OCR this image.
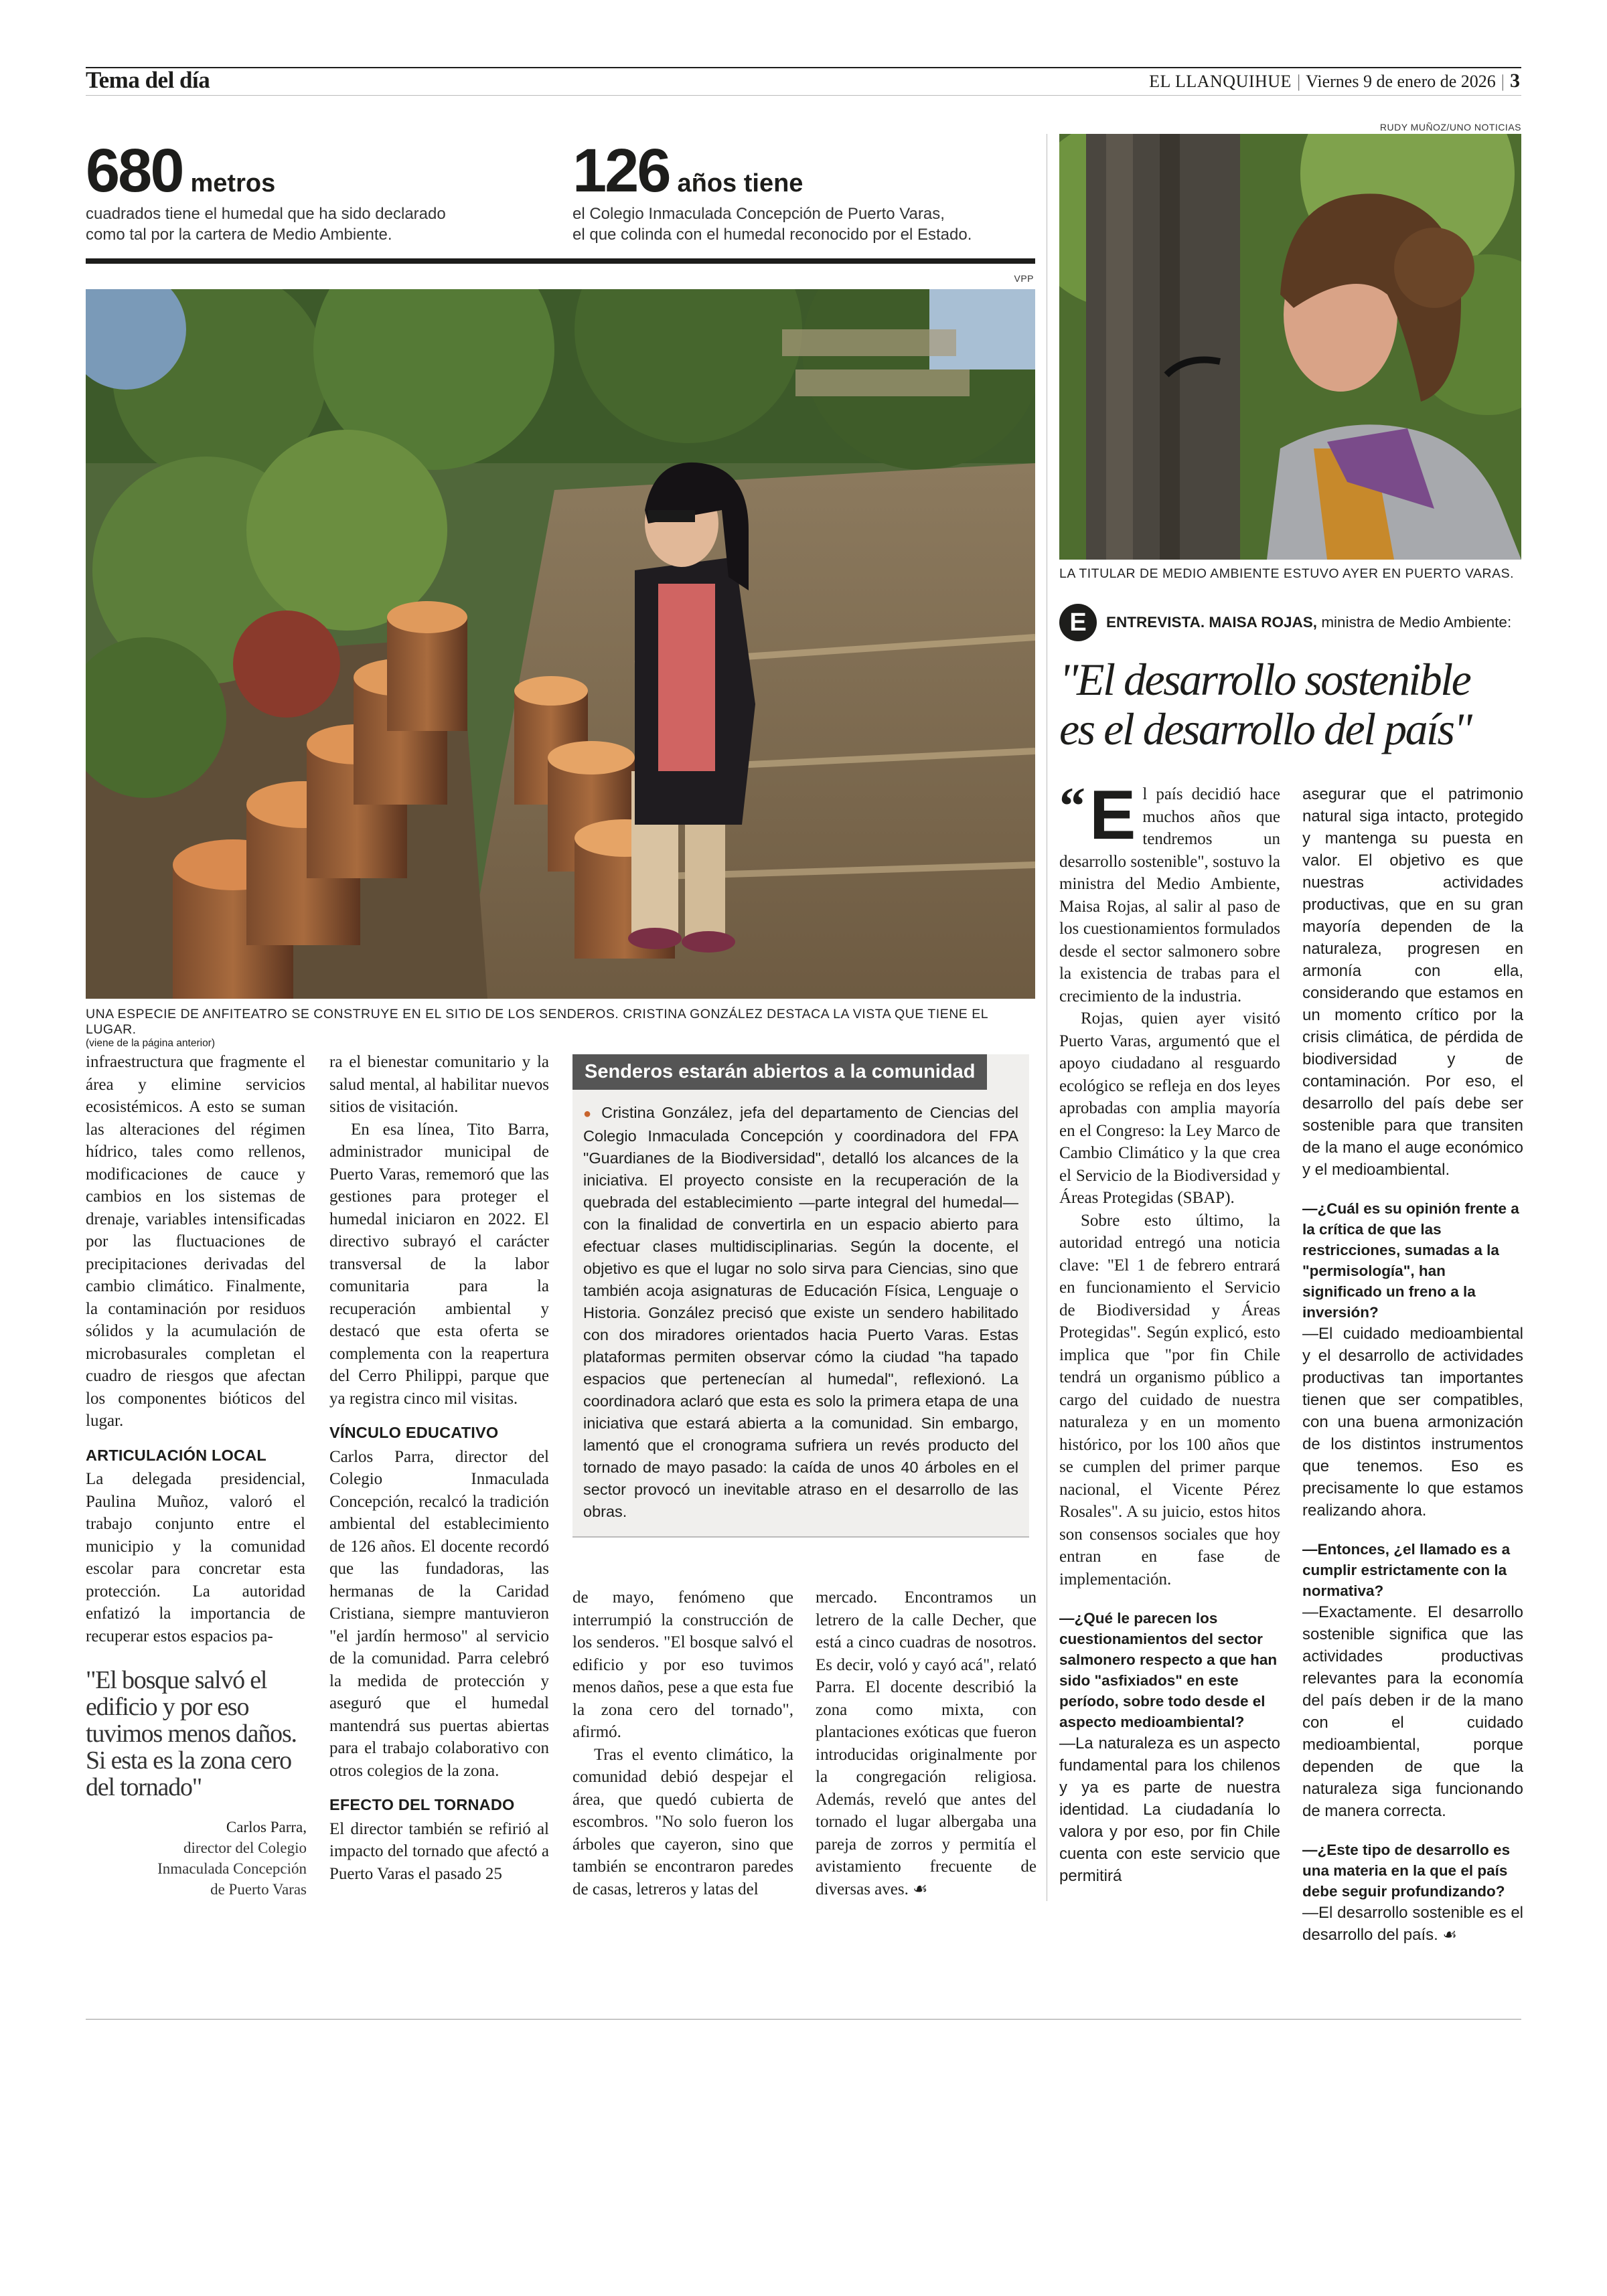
Tema del día	EL LLANQUIHUE | Viernes 9 de enero de 2026 | 3
680 metros
cuadrados tiene el humedal que ha sido declarado
como tal por la cartera de Medio Ambiente.
126 años tiene
el Colegio Inmaculada Concepción de Puerto Varas,
el que colinda con el humedal reconocido por el Estado.
VPP
UNA ESPECIE DE ANFITEATRO SE CONSTRUYE EN EL SITIO DE LOS SENDEROS. CRISTINA GONZÁLEZ DESTACA LA VISTA QUE TIENE EL LUGAR.
RUDY MUÑOZ/UNO NOTICIAS
LA TITULAR DE MEDIO AMBIENTE ESTUVO AYER EN PUERTO VARAS.
E	ENTREVISTA. MAISA ROJAS, ministra de Medio Ambiente:
"El desarrollo sostenible
es el desarrollo del país"

(viene de la página anterior)

infraestructura que fragmente el área y elimine servicios ecosistémicos. A esto se suman las alteraciones del régimen hídrico, tales como rellenos, modificaciones de cauce y cambios en los sistemas de drenaje, variables intensificadas por las fluctuaciones de precipitaciones derivadas del cambio climático. Finalmente, la contaminación por residuos sólidos y la acumulación de microbasurales completan el cuadro de riesgos que afectan los componentes bióticos del lugar.

ARTICULACIÓN LOCAL

La delegada presidencial, Paulina Muñoz, valoró el trabajo conjunto entre el municipio y la comunidad escolar para concretar esta protección. La autoridad enfatizó la importancia de recuperar estos espacios pa-

"El bosque salvó el edificio y por eso tuvimos menos daños. Si esta es la zona cero del tornado"
Carlos Parra,
director del Colegio
Inmaculada Concepción
de Puerto Varas

ra el bienestar comunitario y la salud mental, al habilitar nuevos sitios de visitación.

En esa línea, Tito Barra, administrador municipal de Puerto Varas, rememoró que las gestiones para proteger el humedal iniciaron en 2022. El directivo subrayó el carácter transversal de la labor comunitaria para la recuperación ambiental y destacó que esta oferta se complementa con la reapertura del Cerro Philippi, parque que ya registra cinco mil visitas.

VÍNCULO EDUCATIVO

Carlos Parra, director del Colegio Inmaculada Concepción, recalcó la tradición ambiental del establecimiento de 126 años. El docente recordó que las fundadoras, las hermanas de la Caridad Cristiana, siempre mantuvieron "el jardín hermoso" al servicio de la comunidad. Parra celebró la medida de protección y aseguró que el humedal mantendrá sus puertas abiertas para el trabajo colaborativo con otros colegios de la zona.

EFECTO DEL TORNADO

El director también se refirió al impacto del tornado que afectó a Puerto Varas el pasado 25

Senderos estarán abiertos a la comunidad
● Cristina González, jefa del departamento de Ciencias del Colegio Inmaculada Concepción y coordinadora del FPA "Guardianes de la Biodiversidad", detalló los alcances de la iniciativa. El proyecto consiste en la recuperación de la quebrada del establecimiento —parte integral del humedal— con la finalidad de convertirla en un espacio abierto para efectuar clases multidisciplinarias. Según la docente, el objetivo es que el lugar no solo sirva para Ciencias, sino que también acoja asignaturas de Educación Física, Lenguaje o Historia. González precisó que existe un sendero habilitado con dos miradores orientados hacia Puerto Varas. Estas plataformas permiten observar cómo la ciudad "ha tapado espacios que pertenecían al humedal", reflexionó. La coordinadora aclaró que esta es solo la primera etapa de una iniciativa que estará abierta a la comunidad. Sin embargo, lamentó que el cronograma sufriera un revés producto del tornado de mayo pasado: la caída de unos 40 árboles en el sector provocó un inevitable atraso en el desarrollo de las obras.

de mayo, fenómeno que interrumpió la construcción de los senderos. "El bosque salvó el edificio y por eso tuvimos menos daños, pese a que esta fue la zona cero del tornado", afirmó.

Tras el evento climático, la comunidad debió despejar el área, que quedó cubierta de escombros. "No solo fueron los árboles que cayeron, sino que también se encontraron paredes de casas, letreros y latas del

mercado. Encontramos un letrero de la calle Decher, que está a cinco cuadras de nosotros. Es decir, voló y cayó acá", relató Parra. El docente describió la zona como mixta, con plantaciones exóticas que fueron introducidas originalmente por la congregación religiosa. Además, reveló que antes del tornado el lugar albergaba una pareja de zorros y permitía el avistamiento frecuente de diversas aves. ☙

“ E l país decidió hace muchos años que tendremos un desarrollo sostenible", sostuvo la ministra del Medio Ambiente, Maisa Rojas, al salir al paso de los cuestionamientos formulados desde el sector salmonero sobre la existencia de trabas para el crecimiento de la industria.

Rojas, quien ayer visitó Puerto Varas, argumentó que el apoyo ciudadano al resguardo ecológico se refleja en dos leyes aprobadas con amplia mayoría en el Congreso: la Ley Marco de Cambio Climático y la que crea el Servicio de la Biodiversidad y Áreas Protegidas (SBAP).

Sobre esto último, la autoridad entregó una noticia clave: "El 1 de febrero entrará en funcionamiento el Servicio de Biodiversidad y Áreas Protegidas". Según explicó, esto implica que "por fin Chile tendrá un organismo público a cargo del cuidado de nuestra naturaleza y en un momento histórico, por los 100 años que se cumplen del primer parque nacional, el Vicente Pérez Rosales". A su juicio, estos hitos son consensos sociales que hoy entran en fase de implementación.

—¿Qué le parecen los cuestionamientos del sector salmonero respecto a que han sido "asfixiados" en este período, sobre todo desde el aspecto medioambiental?

—La naturaleza es un aspecto fundamental para los chilenos y ya es parte de nuestra identidad. La ciudadanía lo valora y por eso, por fin Chile cuenta con este servicio que permitirá

asegurar que el patrimonio natural siga intacto, protegido y mantenga su puesta en valor. El objetivo es que nuestras actividades productivas, que en su gran mayoría dependen de la naturaleza, progresen en armonía con ella, considerando que estamos en un momento crítico por la crisis climática, de pérdida de biodiversidad y de contaminación. Por eso, el desarrollo del país debe ser sostenible para que transiten de la mano el auge económico y el medioambiental.

—¿Cuál es su opinión frente a la crítica de que las restricciones, sumadas a la "permisología", han significado un freno a la inversión?

—El cuidado medioambiental y el desarrollo de actividades productivas tan importantes tienen que ser compatibles, con una buena armonización de los distintos instrumentos que tenemos. Eso es precisamente lo que estamos realizando ahora.

—Entonces, ¿el llamado es a cumplir estrictamente con la normativa?

—Exactamente. El desarrollo sostenible significa que las actividades productivas relevantes para la economía del país deben ir de la mano con el cuidado medioambiental, porque dependen de que la naturaleza siga funcionando de manera correcta.

—¿Este tipo de desarrollo es una materia en la que el país debe seguir profundizando?

—El desarrollo sostenible es el desarrollo del país. ☙
